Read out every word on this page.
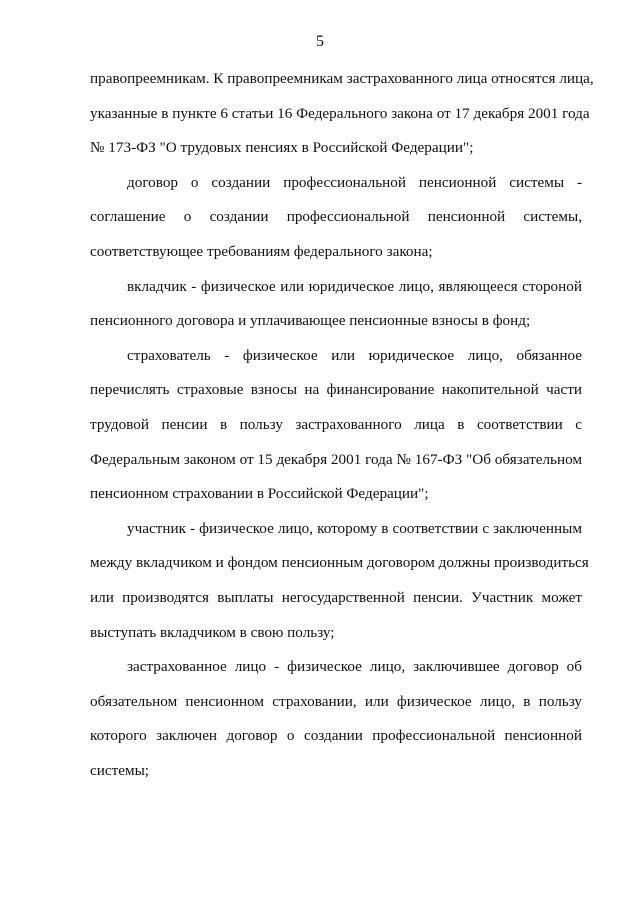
5

правопреемникам. К правопреемникам застрахованного лица относятся лица,
указанные в пункте 6 статьи 16 Федерального закона от 17 декабря 2001 года
№ 173-ФЗ "О трудовых пенсиях в Российской Федерации";

договор о создании профессиональной пенсионной системы -
соглашение о создании профессиональной пенсионной системы,
соответствующее требованиям федерального закона;

вкладчик - физическое или юридическое лицо, являющееся стороной
пенсионного договора и уплачивающее пенсионные взносы в фонд;

страхователь - физическое или юридическое лицо, обязанное
перечислять страховые взносы на финансирование накопительной части
трудовой пенсии в пользу застрахованного лица в соответствии с
Федеральным законом от 15 декабря 2001 года № 167-ФЗ "Об обязательном
пенсионном страховании в Российской Федерации";

участник - физическое лицо, которому в соответствии с заключенным
между вкладчиком и фондом пенсионным договором должны производиться
или производятся выплаты негосударственной пенсии. Участник может
выступать вкладчиком в свою пользу;

застрахованное лицо - физическое лицо, заключившее договор об
обязательном пенсионном страховании, или физическое лицо, в пользу
которого заключен договор о создании профессиональной пенсионной
системы;
